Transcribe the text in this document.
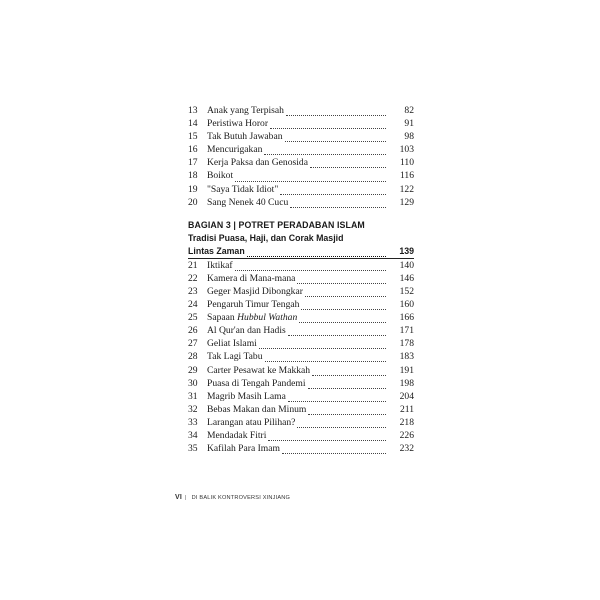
13 Anak yang Terpisah	82
14 Peristiwa Horor	91
15 Tak Butuh Jawaban	98
16 Mencurigakan	103
17 Kerja Paksa dan Genosida	110
18 Boikot	116
19 "Saya Tidak Idiot"	122
20 Sang Nenek 40 Cucu	129
BAGIAN 3 | POTRET PERADABAN ISLAM
Tradisi Puasa, Haji, dan Corak Masjid
Lintas Zaman	139
21 Iktikaf	140
22 Kamera di Mana-mana	146
23 Geger Masjid Dibongkar	152
24 Pengaruh Timur Tengah	160
25 Sapaan Hubbul Wathan	166
26 Al Qur'an dan Hadis	171
27 Geliat Islami	178
28 Tak Lagi Tabu	183
29 Carter Pesawat ke Makkah	191
30 Puasa di Tengah Pandemi	198
31 Magrib Masih Lama	204
32 Bebas Makan dan Minum	211
33 Larangan atau Pilihan?	218
34 Mendadak Fitri	226
35 Kafilah Para Imam	232
VI | DI BALIK KONTROVERSI XINJIANG
